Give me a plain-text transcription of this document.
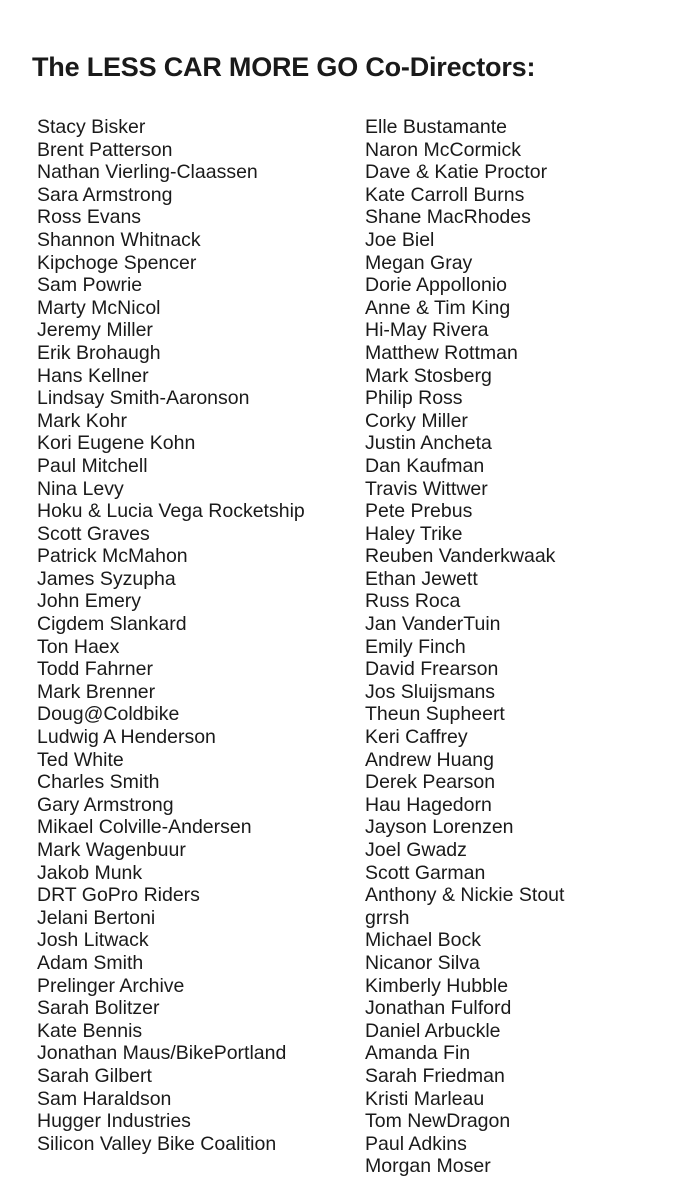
The LESS CAR MORE GO Co-Directors:
Stacy Bisker
Brent Patterson
Nathan Vierling-Claassen
Sara Armstrong
Ross Evans
Shannon Whitnack
Kipchoge Spencer
Sam Powrie
Marty McNicol
Jeremy Miller
Erik Brohaugh
Hans Kellner
Lindsay Smith-Aaronson
Mark Kohr
Kori Eugene Kohn
Paul Mitchell
Nina Levy
Hoku & Lucia Vega Rocketship
Scott Graves
Patrick McMahon
James Syzupha
John Emery
Cigdem Slankard
Ton Haex
Todd Fahrner
Mark Brenner
Doug@Coldbike
Ludwig A Henderson
Ted White
Charles Smith
Gary Armstrong
Mikael Colville-Andersen
Mark Wagenbuur
Jakob Munk
DRT GoPro Riders
Jelani Bertoni
Josh Litwack
Adam Smith
Prelinger Archive
Sarah Bolitzer
Kate Bennis
Jonathan Maus/BikePortland
Sarah Gilbert
Sam Haraldson
Hugger Industries
Silicon Valley Bike Coalition
Elle Bustamante
Naron McCormick
Dave & Katie Proctor
Kate Carroll Burns
Shane MacRhodes
Joe Biel
Megan Gray
Dorie Appollonio
Anne & Tim King
Hi-May Rivera
Matthew Rottman
Mark Stosberg
Philip Ross
Corky Miller
Justin Ancheta
Dan Kaufman
Travis Wittwer
Pete Prebus
Haley Trike
Reuben Vanderkwaak
Ethan Jewett
Russ Roca
Jan VanderTuin
Emily Finch
David Frearson
Jos Sluijsmans
Theun Supheert
Keri Caffrey
Andrew Huang
Derek Pearson
Hau Hagedorn
Jayson Lorenzen
Joel Gwadz
Scott Garman
Anthony & Nickie Stout
grrsh
Michael Bock
Nicanor Silva
Kimberly Hubble
Jonathan Fulford
Daniel Arbuckle
Amanda Fin
Sarah Friedman
Kristi Marleau
Tom NewDragon
Paul Adkins
Morgan Moser
